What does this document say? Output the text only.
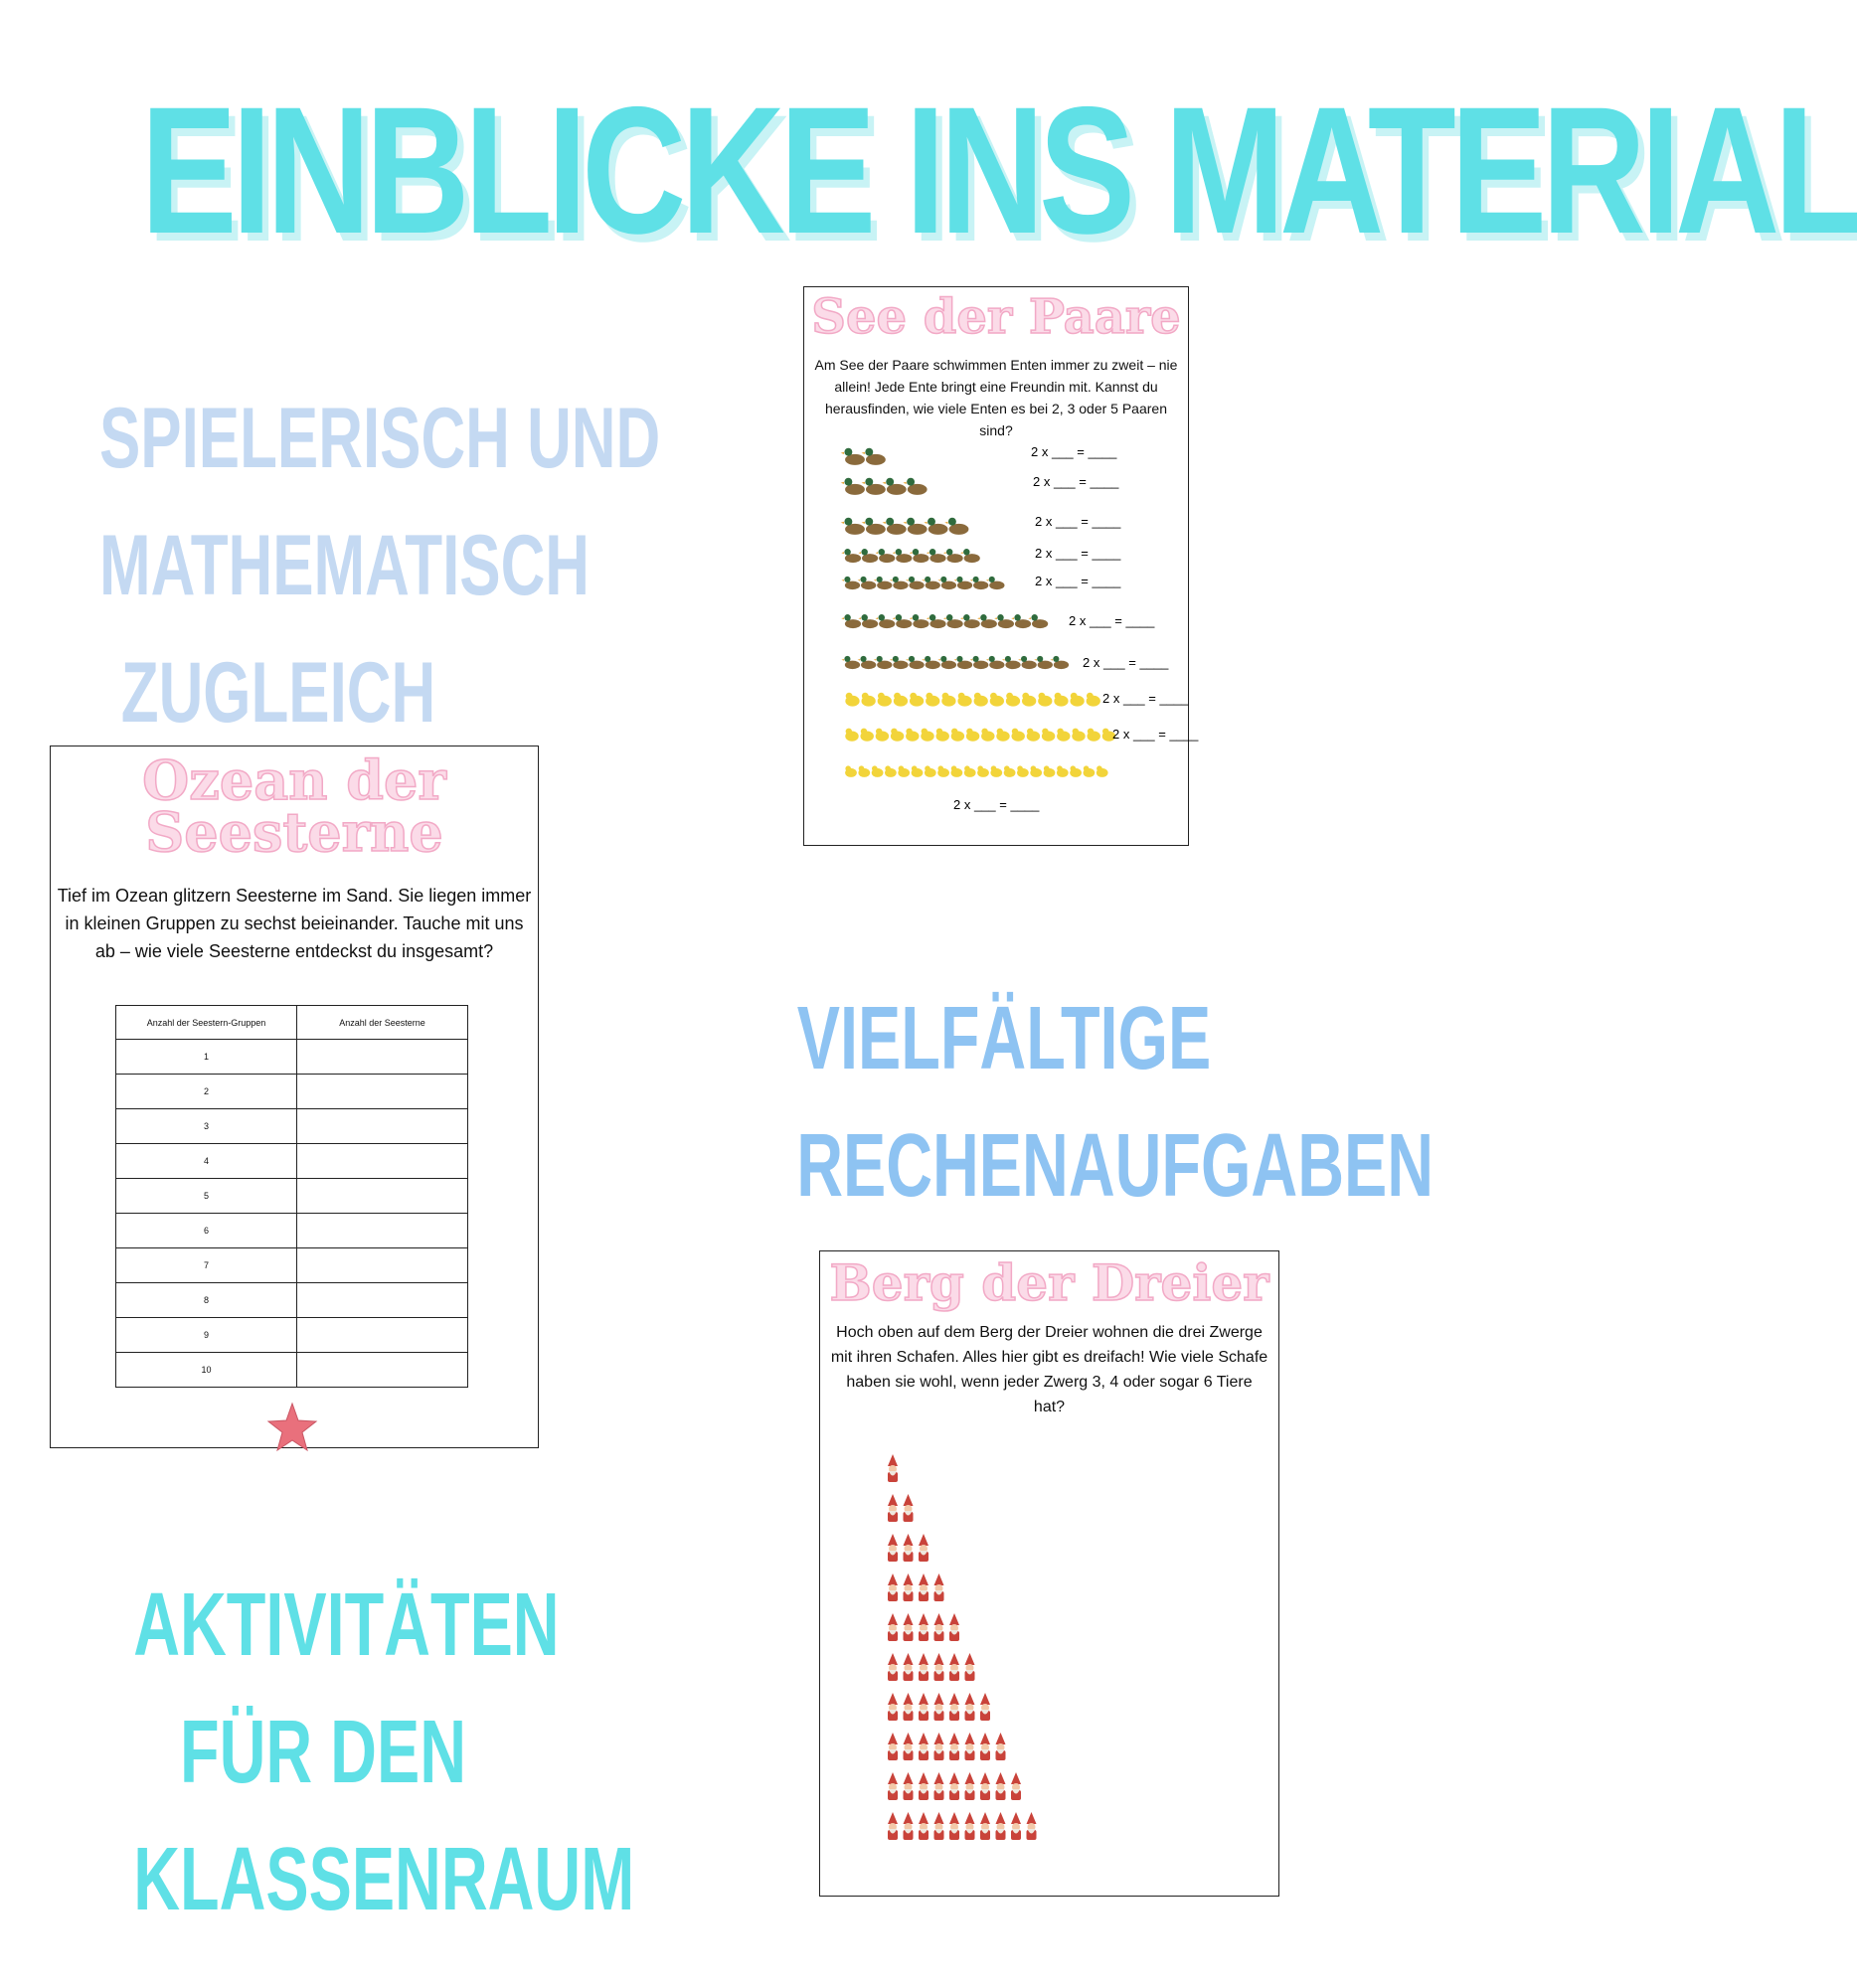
EINBLICKE INS MATERIAL
SPIELERISCH UND
MATHEMATISCH
ZUGLEICH
VIELFÄLTIGE
RECHENAUFGABEN
AKTIVITÄTEN
FÜR DEN
KLASSENRAUM
See der Paare
Am See der Paare schwimmen Enten immer zu zweit – nie allein! Jede Ente bringt eine Freundin mit. Kannst du herausfinden, wie viele Enten es bei 2, 3 oder 5 Paaren sind?
2 x ___ = ____
2 x ___ = ____
2 x ___ = ____
2 x ___ = ____
2 x ___ = ____
2 x ___ = ____
2 x ___ = ____
2 x ___ = ____
2 x ___ = ____
2 x ___ = ____
Ozean der Seesterne
Tief im Ozean glitzern Seesterne im Sand. Sie liegen immer in kleinen Gruppen zu sechst beieinander. Tauche mit uns ab – wie viele Seesterne entdeckst du insgesamt?
Anzahl der Seestern-Gruppen	Anzahl der Seesterne
1	
2	
3	
4	
5	
6	
7	
8	
9	
10	
Berg der Dreier
Hoch oben auf dem Berg der Dreier wohnen die drei Zwerge mit ihren Schafen. Alles hier gibt es dreifach! Wie viele Schafe haben sie wohl, wenn jeder Zwerg 3, 4 oder sogar 6 Tiere hat?
